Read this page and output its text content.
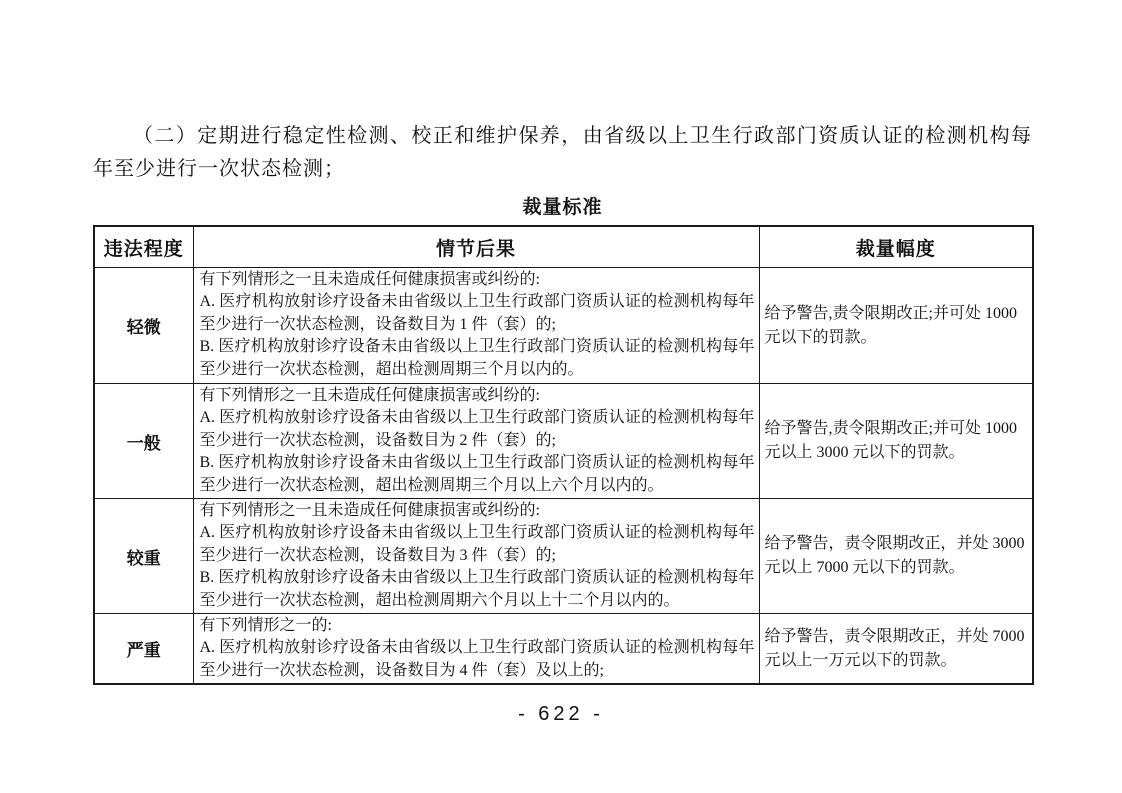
（二）定期进行稳定性检测、校正和维护保养，由省级以上卫生行政部门资质认证的检测机构每年至少进行一次状态检测；

裁量标准
违法程度	情节后果	裁量幅度
轻微	有下列情形之一且未造成任何健康损害或纠纷的:

A. 医疗机构放射诊疗设备未由省级以上卫生行政部门资质认证的检测机构每年至少进行一次状态检测，设备数目为 1 件（套）的;

B. 医疗机构放射诊疗设备未由省级以上卫生行政部门资质认证的检测机构每年至少进行一次状态检测，超出检测周期三个月以内的。	给予警告,责令限期改正;并可处 1000 元以下的罚款。

一般	有下列情形之一且未造成任何健康损害或纠纷的:

A. 医疗机构放射诊疗设备未由省级以上卫生行政部门资质认证的检测机构每年至少进行一次状态检测，设备数目为 2 件（套）的;

B. 医疗机构放射诊疗设备未由省级以上卫生行政部门资质认证的检测机构每年至少进行一次状态检测，超出检测周期三个月以上六个月以内的。	给予警告,责令限期改正;并可处 1000 元以上 3000 元以下的罚款。

较重	有下列情形之一且未造成任何健康损害或纠纷的:

A. 医疗机构放射诊疗设备未由省级以上卫生行政部门资质认证的检测机构每年至少进行一次状态检测，设备数目为 3 件（套）的;

B. 医疗机构放射诊疗设备未由省级以上卫生行政部门资质认证的检测机构每年至少进行一次状态检测，超出检测周期六个月以上十二个月以内的。	给予警告，责令限期改正，并处 3000 元以上 7000 元以下的罚款。

严重	有下列情形之一的:

A. 医疗机构放射诊疗设备未由省级以上卫生行政部门资质认证的检测机构每年至少进行一次状态检测，设备数目为 4 件（套）及以上的;	给予警告，责令限期改正，并处 7000 元以上一万元以下的罚款。

- 622 -
